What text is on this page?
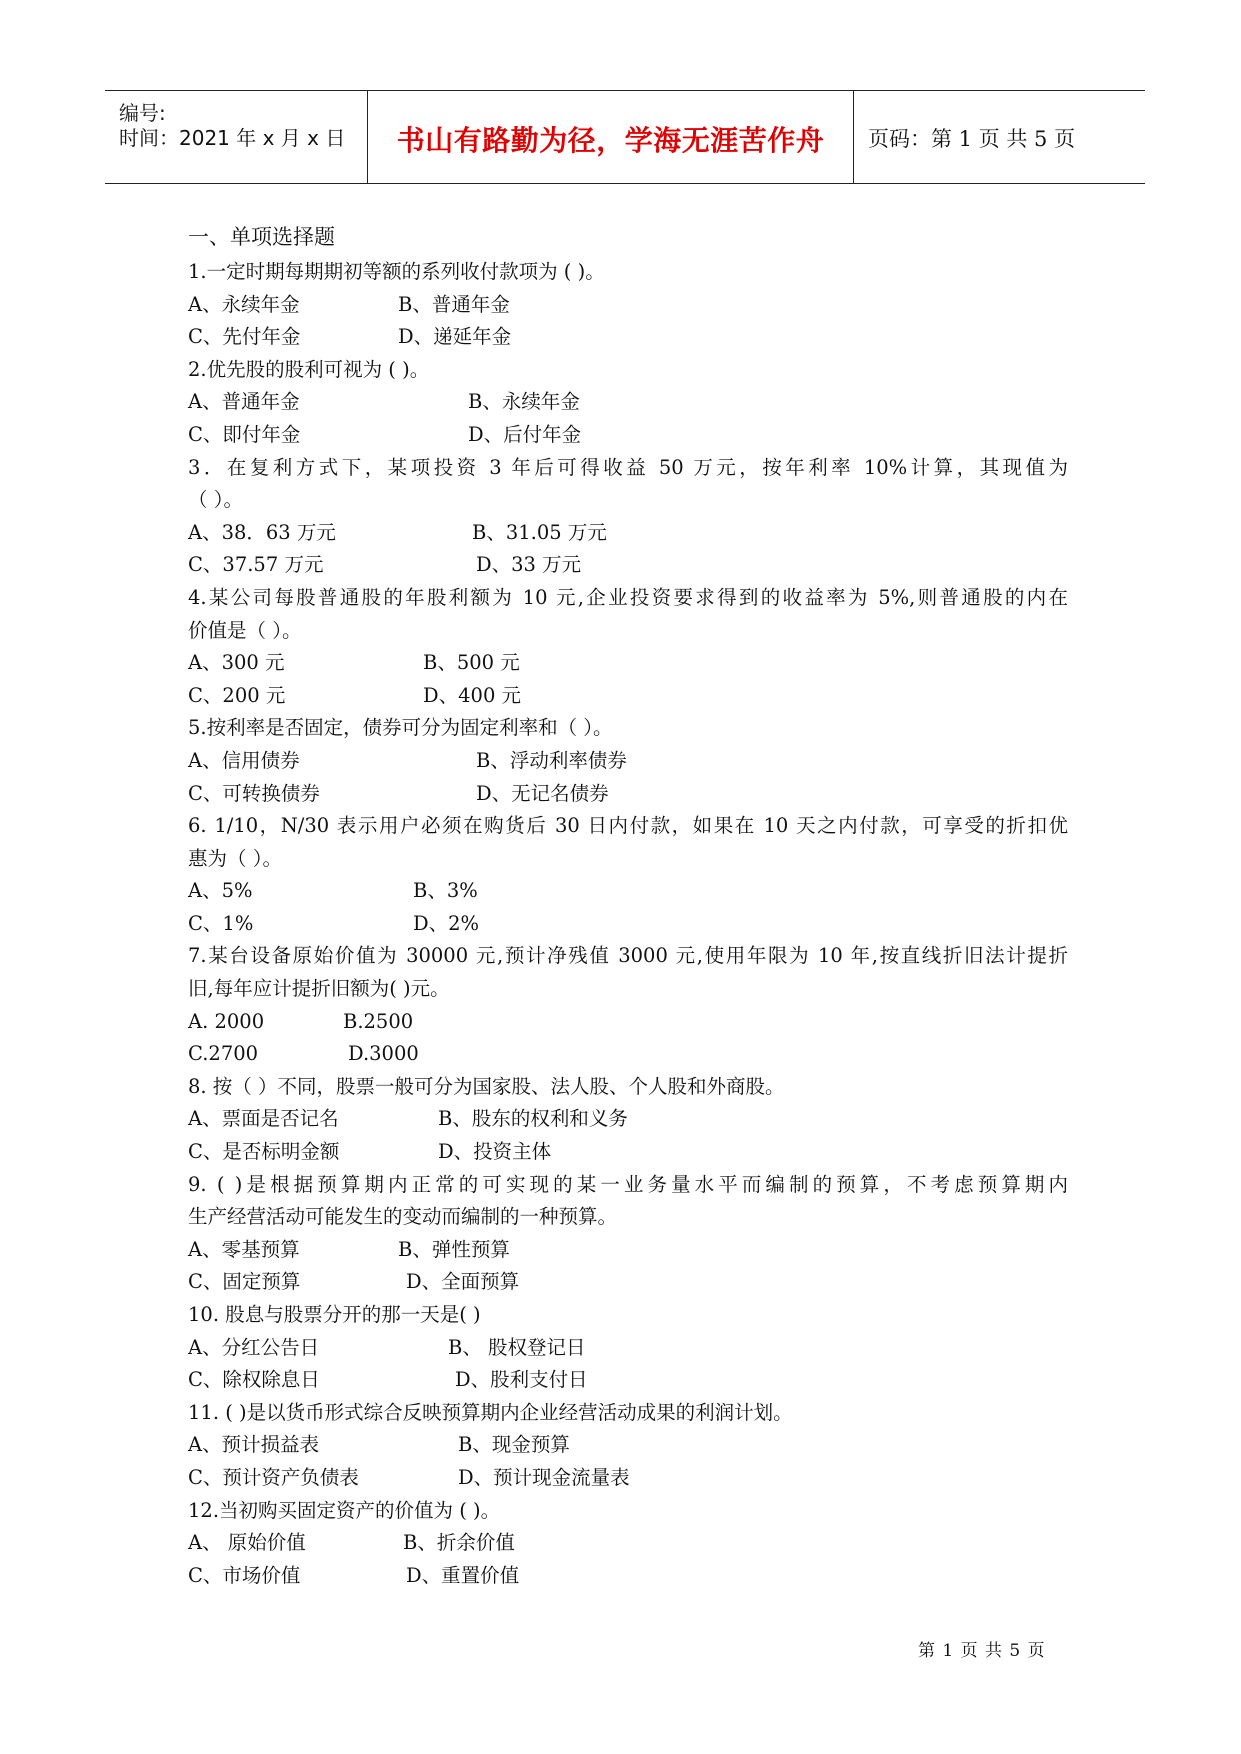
编号:
时间：2021 年 x 月 x 日	书山有路勤为径，学海无涯苦作舟	页码：第 1 页 共 5 页
一、单项选择题
1.一定时期每期期初等额的系列收付款项为 ( )。
A、永续年金	B、普通年金
C、先付年金	D、递延年金
2.优先股的股利可视为 ( )。
A、普通年金	B、永续年金
C、即付年金	D、后付年金
3．在复利方式下，某项投资 3 年后可得收益 50 万元，按年利率 10%计算，其现值为
（ ）。
A、38．63 万元	B、31.05 万元
C、37.57 万元	D、33 万元
4.某公司每股普通股的年股利额为 10 元,企业投资要求得到的收益率为 5%,则普通股的内在
价值是（ ）。
A、300 元	B、500 元
C、200 元	D、400 元
5.按利率是否固定，债券可分为固定利率和（ ）。
A、信用债券	B、浮动利率债券
C、可转换债券	D、无记名债券
6. 1/10，N/30 表示用户必须在购货后 30 日内付款，如果在 10 天之内付款，可享受的折扣优
惠为（ ）。
A、5%	B、3%
C、1%	D、2%
7.某台设备原始价值为 30000 元,预计净残值 3000 元,使用年限为 10 年,按直线折旧法计提折
旧,每年应计提折旧额为( )元。
A. 2000	B.2500
C.2700	D.3000
8. 按（ ）不同，股票一般可分为国家股、法人股、个人股和外商股。
A、票面是否记名	B、股东的权利和义务
C、是否标明金额	D、投资主体
9. ( )是根据预算期内正常的可实现的某一业务量水平而编制的预算，不考虑预算期内
生产经营活动可能发生的变动而编制的一种预算。
A、零基预算	B、弹性预算
C、固定预算	D、全面预算
10. 股息与股票分开的那一天是( )
A、分红公告日	B、 股权登记日
C、除权除息日	D、股利支付日
11. ( )是以货币形式综合反映预算期内企业经营活动成果的利润计划。
A、预计损益表	B、现金预算
C、预计资产负债表	D、预计现金流量表
12.当初购买固定资产的价值为 ( )。
A、 原始价值	B、折余价值
C、市场价值	D、重置价值
第 1 页 共 5 页
